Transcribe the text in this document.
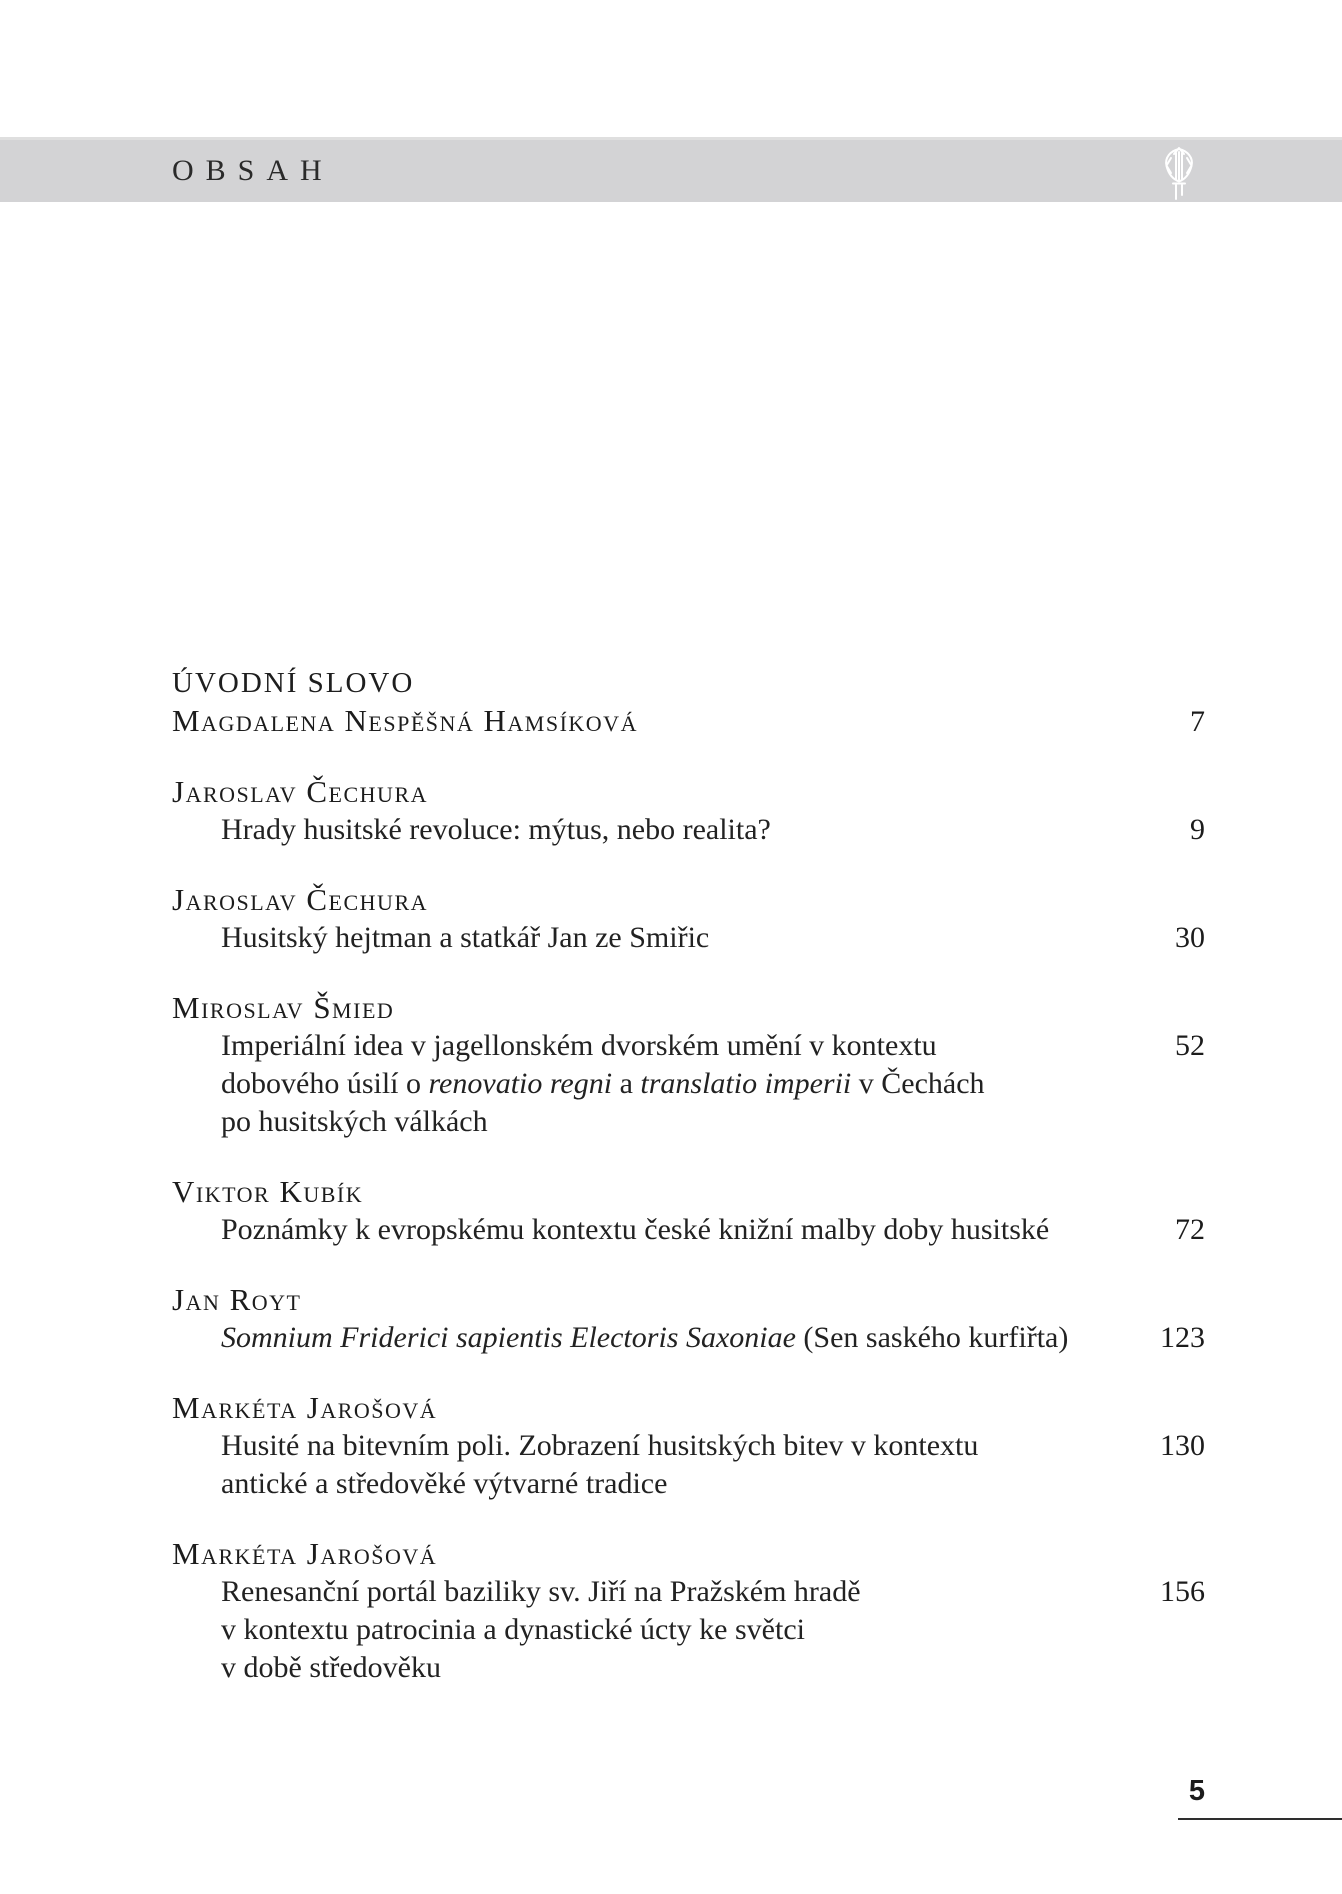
OBSAH
ÚVODNÍ SLOVO
Magdalena Nespěšná Hamsíková	7
Jaroslav Čechura
Hrady husitské revoluce: mýtus, nebo realita?	9
Jaroslav Čechura
Husitský hejtman a statkář Jan ze Smiřic	30
Miroslav Šmied
Imperiální idea v jagellonském dvorském umění v kontextu	52
dobového úsilí o renovatio regni a translatio imperii v Čechách
po husitských válkách
Viktor Kubík
Poznámky k evropskému kontextu české knižní malby doby husitské	72
Jan Royt
Somnium Friderici sapientis Electoris Saxoniae (Sen saského kurfiřta)	123
Markéta Jarošová
Husité na bitevním poli. Zobrazení husitských bitev v kontextu	130
antické a středověké výtvarné tradice
Markéta Jarošová
Renesanční portál baziliky sv. Jiří na Pražském hradě	156
v kontextu patrocinia a dynastické úcty ke světci
v době středověku
5
